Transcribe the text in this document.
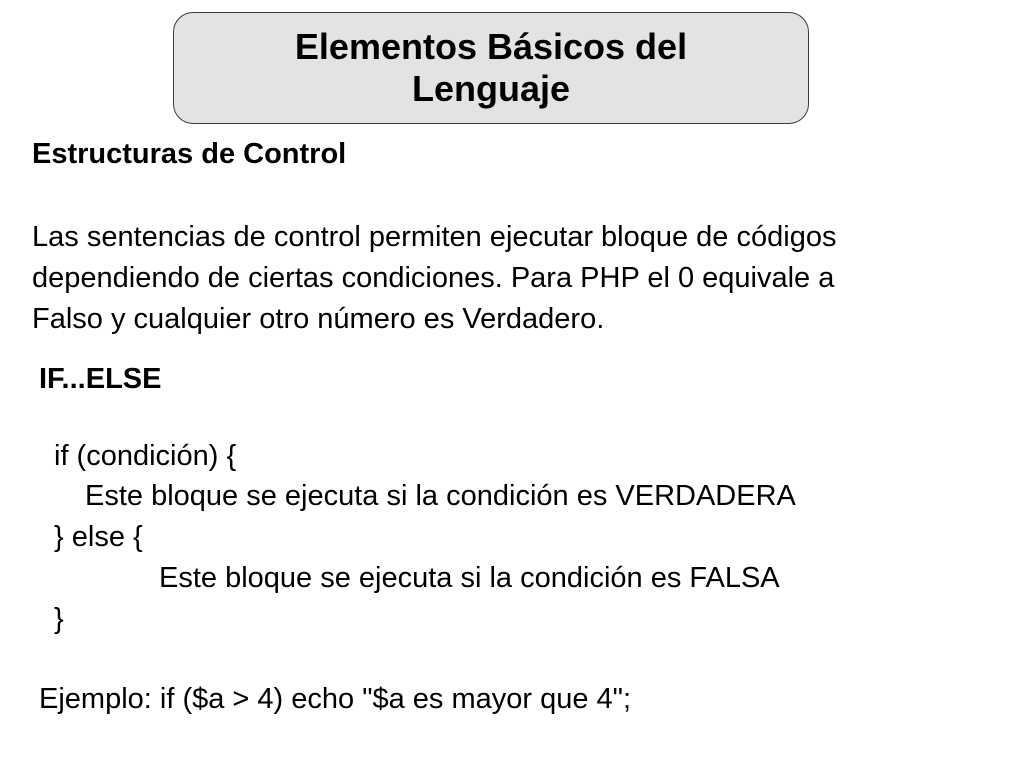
Elementos Básicos del Lenguaje
Estructuras de Control
Las sentencias de control permiten ejecutar bloque de códigos
dependiendo de ciertas condiciones. Para PHP el 0 equivale a
Falso y cualquier otro número es Verdadero.
IF...ELSE
if (condición) {
Este bloque se ejecuta si la condición es VERDADERA
} else {
Este bloque se ejecuta si la condición es FALSA
}
Ejemplo: if ($a > 4) echo "$a es mayor que 4";
